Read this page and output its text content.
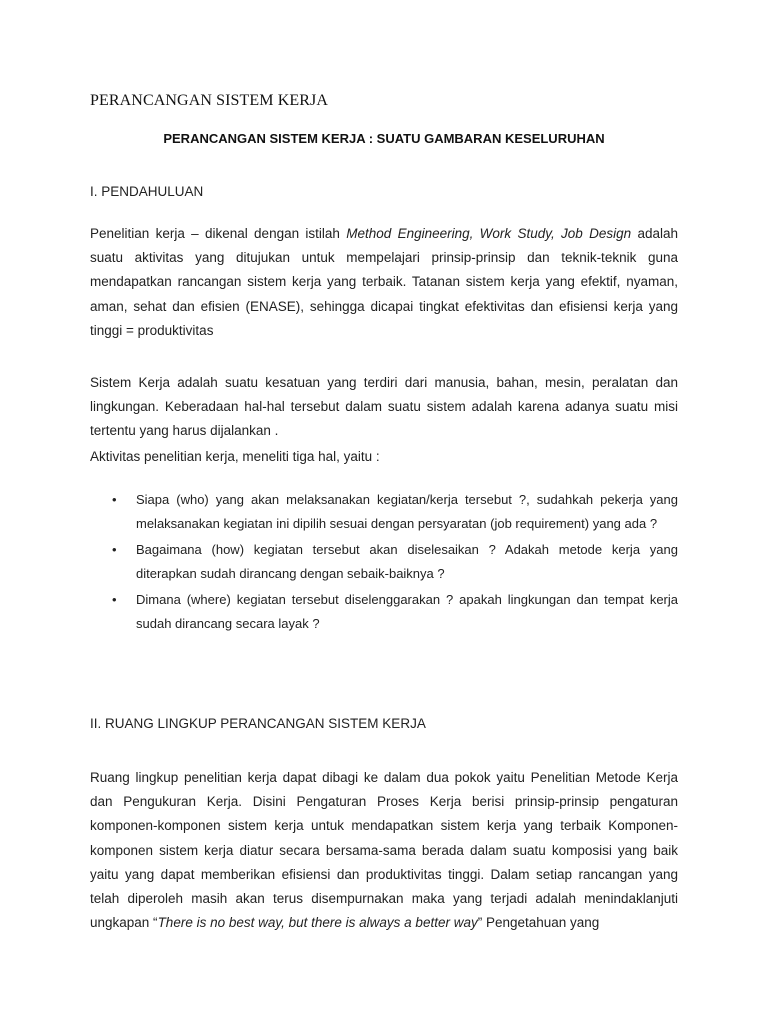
PERANCANGAN SISTEM KERJA
PERANCANGAN SISTEM KERJA : SUATU GAMBARAN KESELURUHAN
I. PENDAHULUAN

Penelitian kerja – dikenal dengan istilah Method Engineering, Work Study, Job Design adalah suatu aktivitas yang ditujukan untuk mempelajari prinsip-prinsip dan teknik-teknik guna mendapatkan rancangan sistem kerja yang terbaik. Tatanan sistem kerja yang efektif, nyaman, aman, sehat dan efisien (ENASE), sehingga dicapai tingkat efektivitas dan efisiensi kerja yang tinggi = produktivitas

Sistem Kerja adalah suatu kesatuan yang terdiri dari manusia, bahan, mesin, peralatan dan lingkungan. Keberadaan hal-hal tersebut dalam suatu sistem adalah karena adanya suatu misi tertentu yang harus dijalankan .

Aktivitas penelitian kerja, meneliti tiga hal, yaitu :

• Siapa (who) yang akan melaksanakan kegiatan/kerja tersebut ?, sudahkah pekerja yang melaksanakan kegiatan ini dipilih sesuai dengan persyaratan (job requirement) yang ada ?
• Bagaimana (how) kegiatan tersebut akan diselesaikan ? Adakah metode kerja yang diterapkan sudah dirancang dengan sebaik-baiknya ?
• Dimana (where) kegiatan tersebut diselenggarakan ? apakah lingkungan dan tempat kerja sudah dirancang secara layak ?
II. RUANG LINGKUP PERANCANGAN SISTEM KERJA

Ruang lingkup penelitian kerja dapat dibagi ke dalam dua pokok yaitu Penelitian Metode Kerja dan Pengukuran Kerja. Disini Pengaturan Proses Kerja berisi prinsip-prinsip pengaturan komponen-komponen sistem kerja untuk mendapatkan sistem kerja yang terbaik Komponen-komponen sistem kerja diatur secara bersama-sama berada dalam suatu komposisi yang baik yaitu yang dapat memberikan efisiensi dan produktivitas tinggi. Dalam setiap rancangan yang telah diperoleh masih akan terus disempurnakan maka yang terjadi adalah menindaklanjuti ungkapan “There is no best way, but there is always a better way” Pengetahuan yang
